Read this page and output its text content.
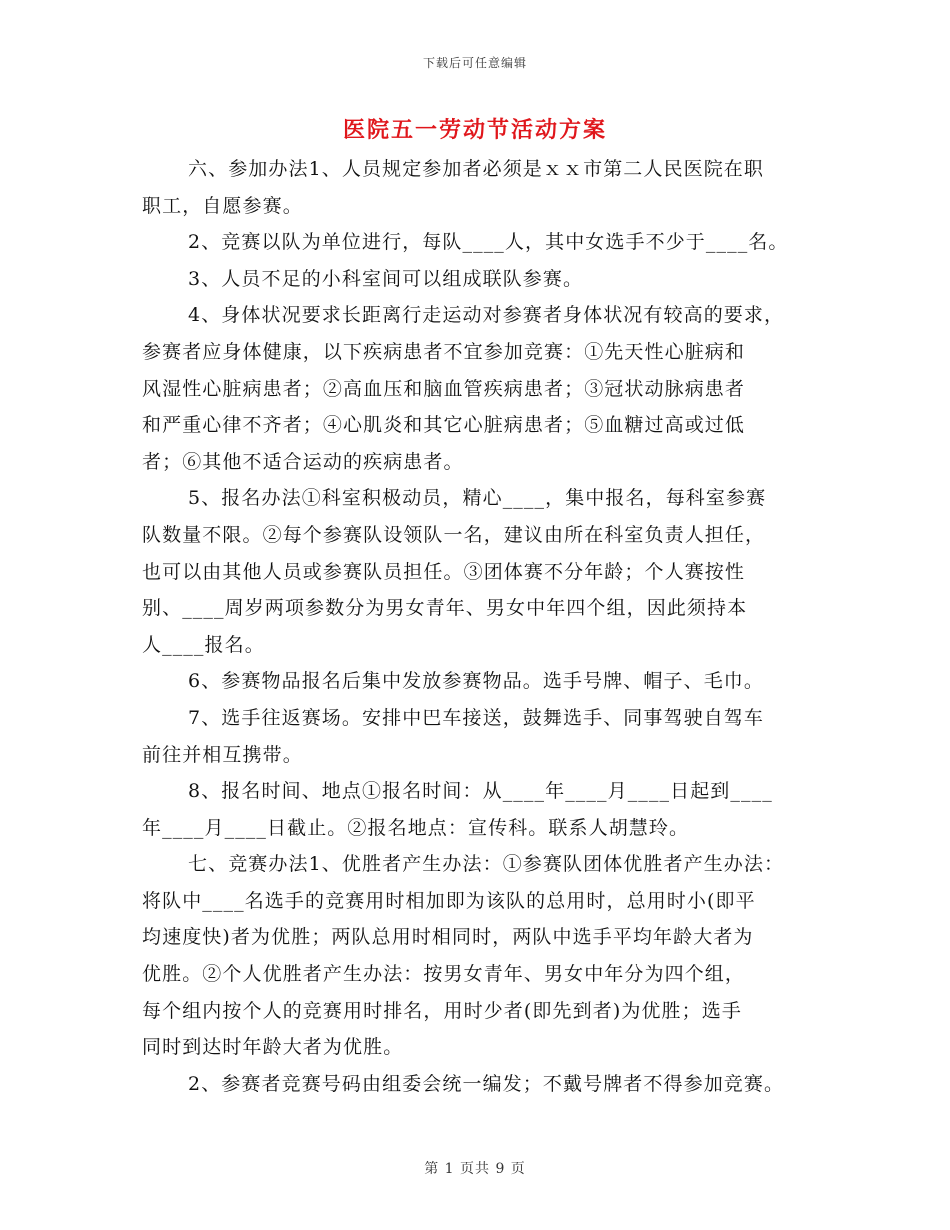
下载后可任意编辑
医院五一劳动节活动方案

六、参加办法1、人员规定参加者必须是ｘｘ市第二人民医院在职

职工，自愿参赛。

2、竞赛以队为单位进行，每队____人，其中女选手不少于____名。

3、人员不足的小科室间可以组成联队参赛。

4、身体状况要求长距离行走运动对参赛者身体状况有较高的要求，

参赛者应身体健康，以下疾病患者不宜参加竞赛：①先天性心脏病和

风湿性心脏病患者；②高血压和脑血管疾病患者；③冠状动脉病患者

和严重心律不齐者；④心肌炎和其它心脏病患者；⑤血糖过高或过低

者；⑥其他不适合运动的疾病患者。

5、报名办法①科室积极动员，精心____，集中报名，每科室参赛

队数量不限。②每个参赛队设领队一名，建议由所在科室负责人担任，

也可以由其他人员或参赛队员担任。③团体赛不分年龄；个人赛按性

别、____周岁两项参数分为男女青年、男女中年四个组，因此须持本

人____报名。

6、参赛物品报名后集中发放参赛物品。选手号牌、帽子、毛巾。

7、选手往返赛场。安排中巴车接送，鼓舞选手、同事驾驶自驾车

前往并相互携带。

8、报名时间、地点①报名时间：从____年____月____日起到____

年____月____日截止。②报名地点：宣传科。联系人胡慧玲。

七、竞赛办法1、优胜者产生办法：①参赛队团体优胜者产生办法：

将队中____名选手的竞赛用时相加即为该队的总用时，总用时小(即平

均速度快)者为优胜；两队总用时相同时，两队中选手平均年龄大者为

优胜。②个人优胜者产生办法：按男女青年、男女中年分为四个组，

每个组内按个人的竞赛用时排名，用时少者(即先到者)为优胜；选手

同时到达时年龄大者为优胜。

2、参赛者竞赛号码由组委会统一编发；不戴号牌者不得参加竞赛。

第 1 页共 9 页
